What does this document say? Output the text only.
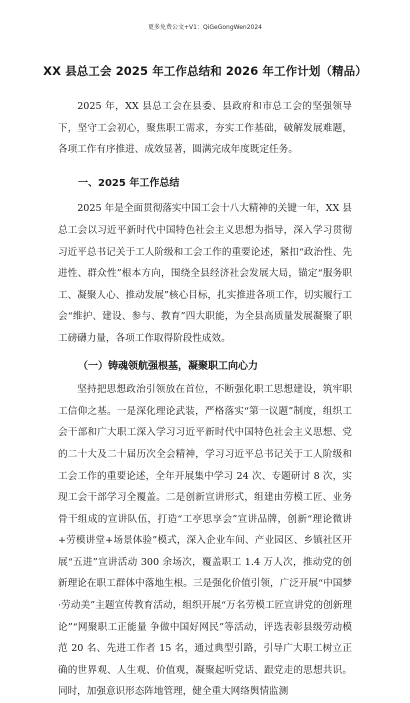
更多免费公文+V1：QiGeGongWen2024
XX 县总工会 2025 年工作总结和 2026 年工作计划（精品）

2025 年，XX 县总工会在县委、县政府和市总工会的坚强领导下，坚守工会初心，聚焦职工需求，夯实工作基础，破解发展难题，各项工作有序推进、成效显著，圆满完成年度既定任务。

一、2025 年工作总结

2025 年是全面贯彻落实中国工会十八大精神的关键一年，XX 县总工会以习近平新时代中国特色社会主义思想为指导，深入学习贯彻习近平总书记关于工人阶级和工会工作的重要论述，紧扣“政治性、先进性、群众性”根本方向，围绕全县经济社会发展大局，锚定“服务职工、凝聚人心、推动发展”核心目标，扎实推进各项工作，切实履行工会“维护、建设、参与、教育”四大职能，为全县高质量发展凝聚了职工磅礴力量，各项工作取得阶段性成效。

（一）铸魂领航强根基，凝聚职工向心力

坚持把思想政治引领放在首位，不断强化职工思想建设，筑牢职工信仰之基。一是深化理论武装，严格落实“第一议题”制度，组织工会干部和广大职工深入学习习近平新时代中国特色社会主义思想、党的二十大及二十届历次全会精神，学习习近平总书记关于工人阶级和工会工作的重要论述，全年开展集中学习 24 次、专题研讨 8 次，实现工会干部学习全覆盖。二是创新宣讲形式，组建由劳模工匠、业务骨干组成的宣讲队伍，打造“工亭思享会”宣讲品牌，创新“理论微讲+劳模讲堂+场景体验”模式，深入企业车间、产业园区、乡镇社区开展“五进”宣讲活动 300 余场次，覆盖职工 1.4 万人次，推动党的创新理论在职工群体中落地生根。三是强化价值引领，广泛开展“中国梦·劳动美”主题宣传教育活动，组织开展“万名劳模工匠宣讲党的创新理论”“网聚职工正能量 争做中国好网民”等活动，评选表彰县级劳动模范 20 名、先进工作者 15 名，通过典型引路，引导广大职工树立正确的世界观、人生观、价值观，凝聚起听党话、跟党走的思想共识。同时，加强意识形态阵地管理，健全重大网络舆情监测
